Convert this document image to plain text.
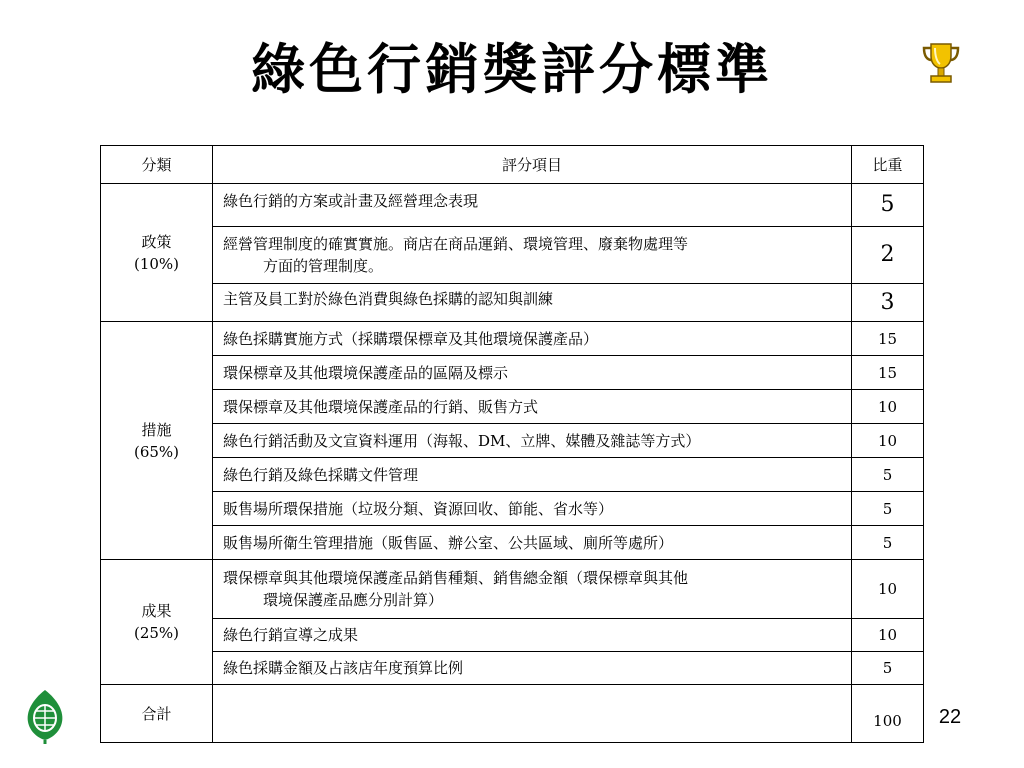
綠色行銷獎評分標準
分類	評分項目	比重
政策
(10%)	綠色行銷的方案或計畫及經營理念表現	5
	經營管理制度的確實實施。商店在商品運銷、環境管理、廢棄物處理等
方面的管理制度。	2
	主管及員工對於綠色消費與綠色採購的認知與訓練	3
措施
(65%)	綠色採購實施方式（採購環保標章及其他環境保護產品）	15
	環保標章及其他環境保護產品的區隔及標示	15
	環保標章及其他環境保護產品的行銷、販售方式	10
	綠色行銷活動及文宣資料運用（海報、DM、立牌、媒體及雜誌等方式）	10
	綠色行銷及綠色採購文件管理	5
	販售場所環保措施（垃圾分類、資源回收、節能、省水等）	5
	販售場所衛生管理措施（販售區、辦公室、公共區域、廁所等處所）	5
成果
(25%)	環保標章與其他環境保護產品銷售種類、銷售總金額（環保標章與其他
環境保護產品應分別計算）	10
	綠色行銷宣導之成果	10
	綠色採購金額及占該店年度預算比例	5
合計		100	22
